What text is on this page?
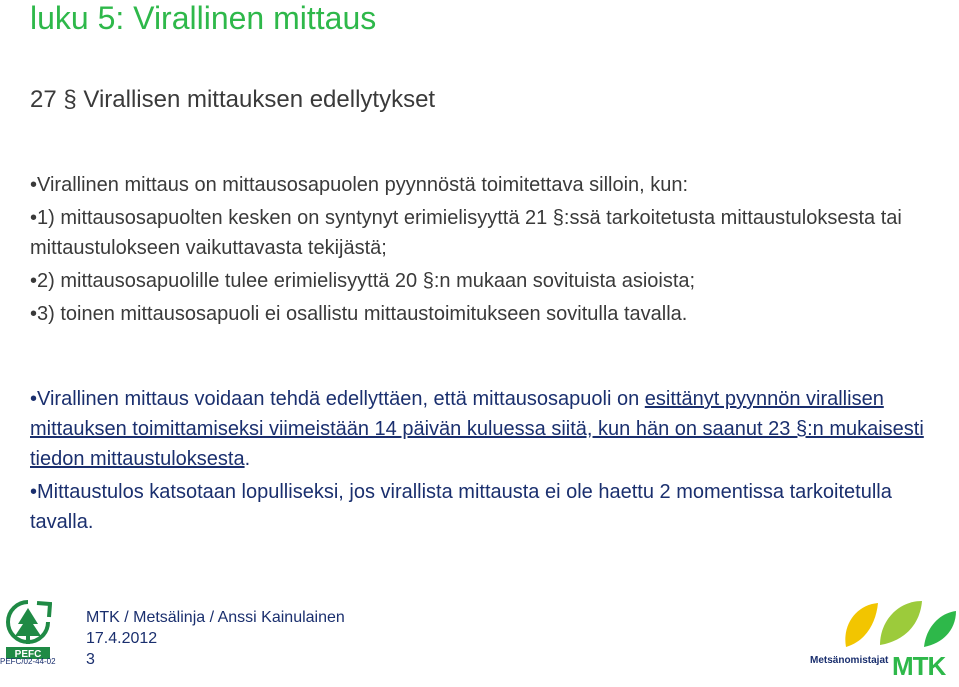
luku 5: Virallinen mittaus
27 § Virallisen mittauksen edellytykset

•Virallinen mittaus on mittausosapuolen pyynnöstä toimitettava silloin, kun:

•1) mittausosapuolten kesken on syntynyt erimielisyyttä 21 §:ssä tarkoitetusta mittaustuloksesta tai mittaustulokseen vaikuttavasta tekijästä;

•2) mittausosapuolille tulee erimielisyyttä 20 §:n mukaan sovituista asioista;

•3) toinen mittausosapuoli ei osallistu mittaustoimitukseen sovitulla tavalla.

•Virallinen mittaus voidaan tehdä edellyttäen, että mittausosapuoli on esittänyt pyynnön virallisen mittauksen toimittamiseksi viimeistään 14 päivän kuluessa siitä, kun hän on saanut 23 §:n mukaisesti tiedon mittaustuloksesta.

•Mittaustulos katsotaan lopulliseksi, jos virallista mittausta ei ole haettu 2 momentissa tarkoitetulla tavalla.

PEFC
PEFC/02-44-02
MTK / Metsälinja / Anssi Kainulainen
17.4.2012
3	Metsänomistajat MTK
